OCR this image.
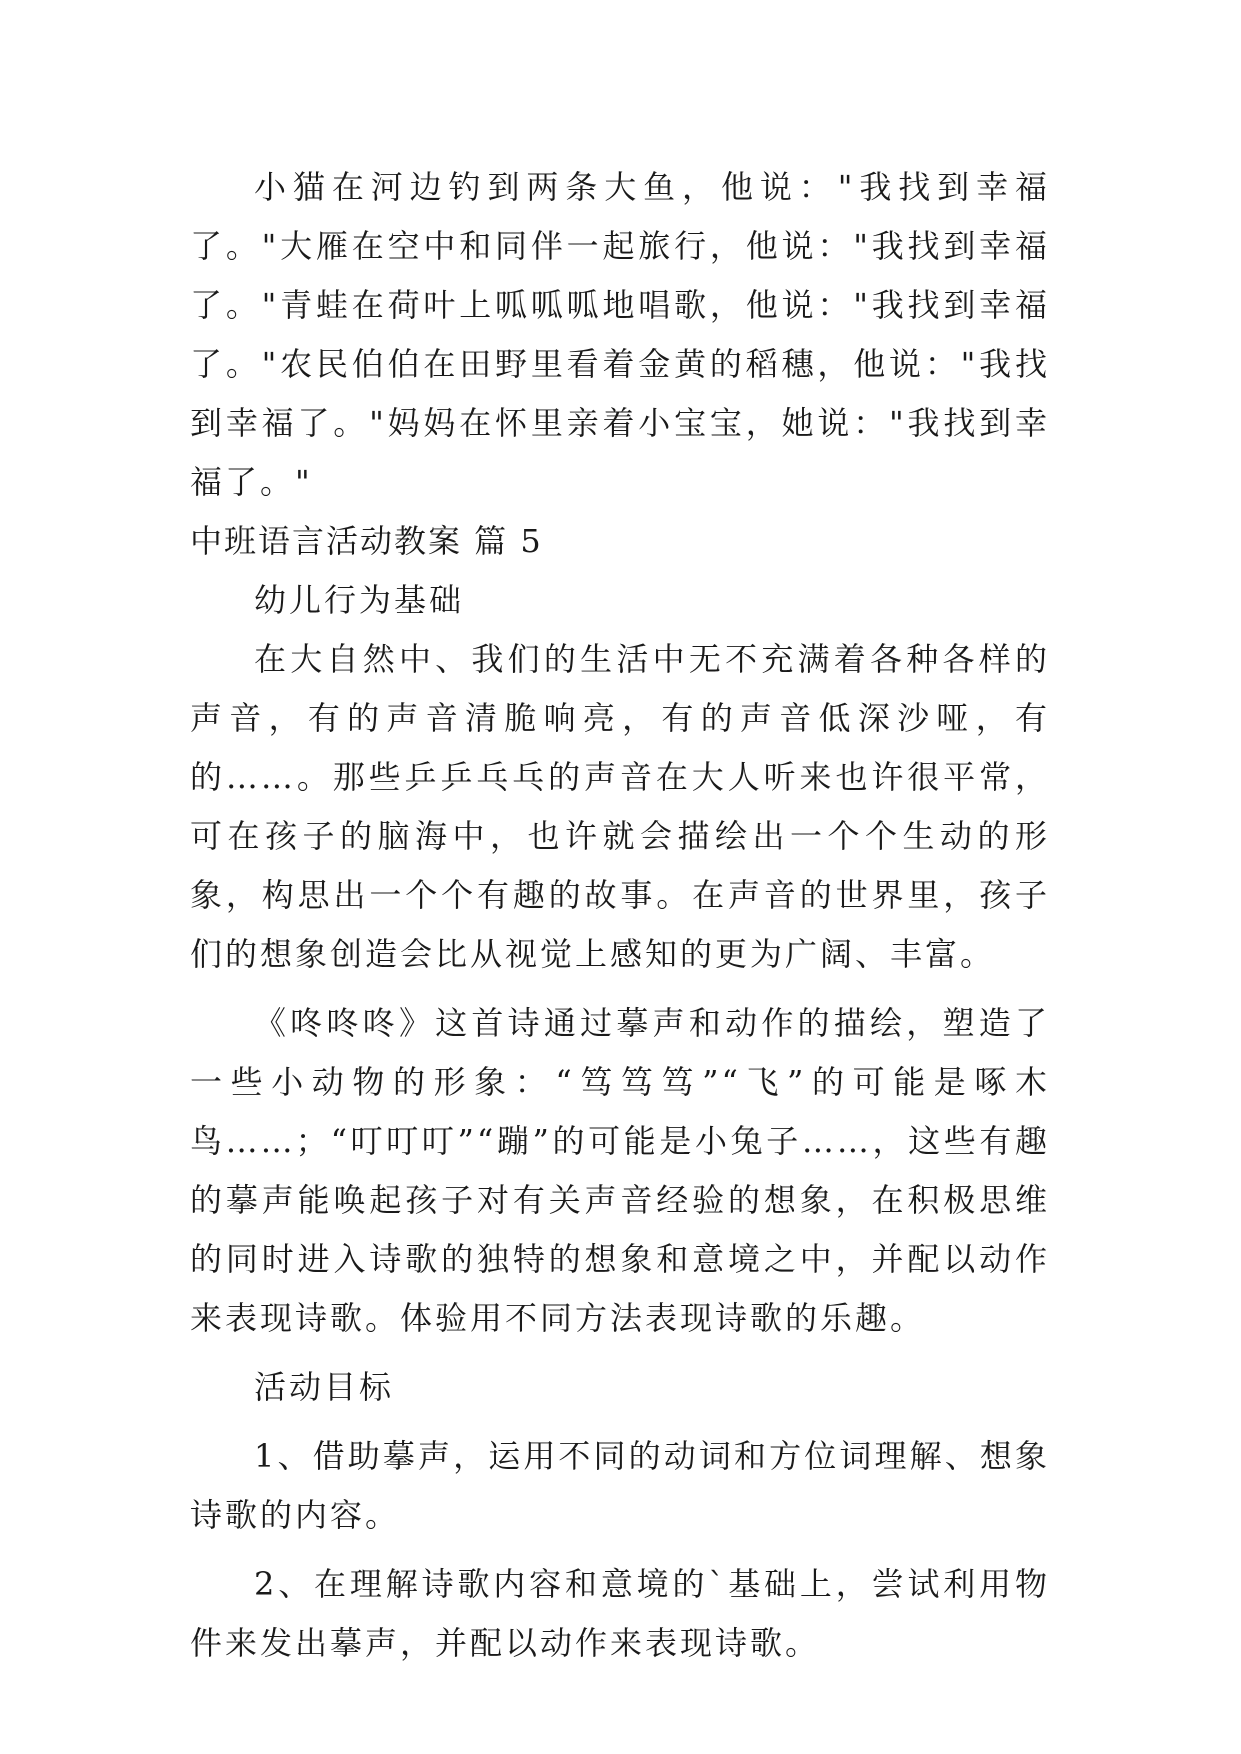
小猫在河边钓到两条大鱼，他说："我找到幸福了。"大雁在空中和同伴一起旅行，他说："我找到幸福了。"青蛙在荷叶上呱呱呱地唱歌，他说："我找到幸福了。"农民伯伯在田野里看着金黄的稻穗，他说："我找到幸福了。"妈妈在怀里亲着小宝宝，她说："我找到幸福了。"

中班语言活动教案 篇 5

幼儿行为基础

在大自然中、我们的生活中无不充满着各种各样的声音，有的声音清脆响亮，有的声音低深沙哑，有的……。那些乒乒乓乓的声音在大人听来也许很平常，可在孩子的脑海中，也许就会描绘出一个个生动的形象，构思出一个个有趣的故事。在声音的世界里，孩子们的想象创造会比从视觉上感知的更为广阔、丰富。

《咚咚咚》这首诗通过摹声和动作的描绘，塑造了一些小动物的形象：“笃笃笃”“飞”的可能是啄木鸟……；“叮叮叮”“蹦”的可能是小兔子……，这些有趣的摹声能唤起孩子对有关声音经验的想象，在积极思维的同时进入诗歌的独特的想象和意境之中，并配以动作来表现诗歌。体验用不同方法表现诗歌的乐趣。

活动目标

1、借助摹声，运用不同的动词和方位词理解、想象诗歌的内容。

2、在理解诗歌内容和意境的`基础上，尝试利用物件来发出摹声，并配以动作来表现诗歌。
